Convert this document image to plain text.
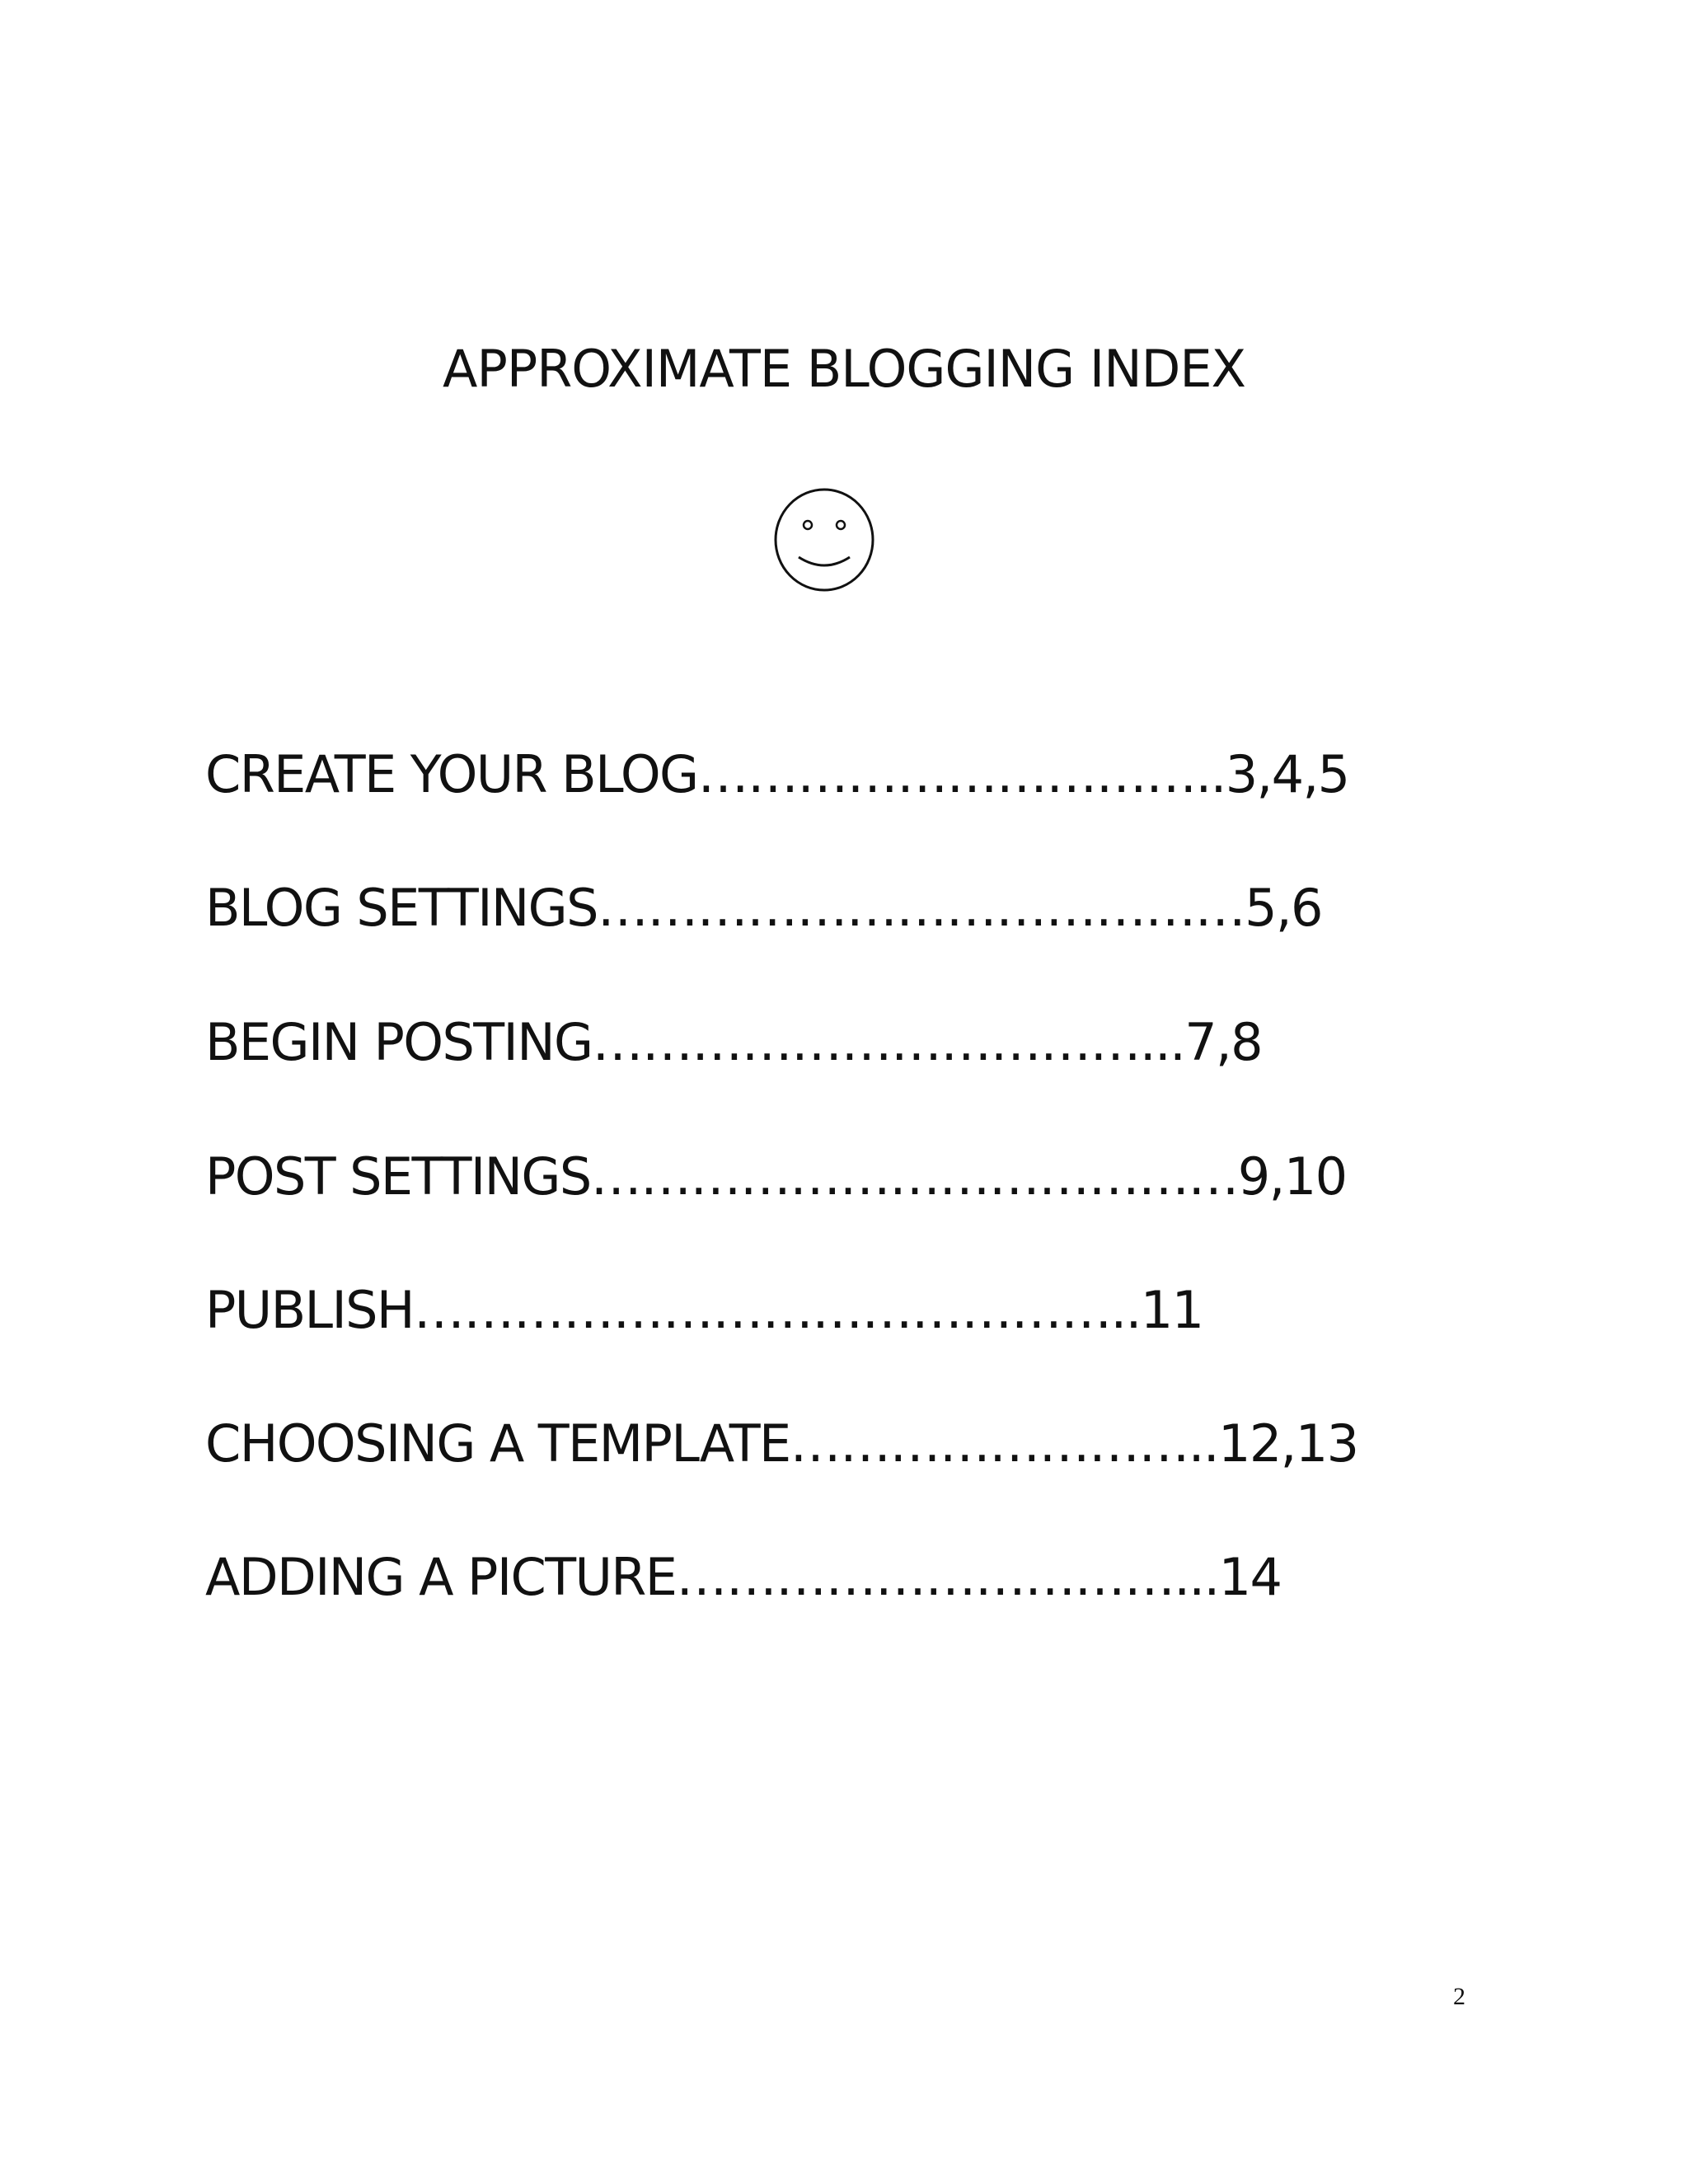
APPROXIMATE BLOGGING INDEX
CREATE YOUR BLOG…………………………..3,4,5
BLOG SETTINGS…………………………………5,6
BEGIN POSTING……………………………...7,8
POST SETTINGS…………………………………9,10
PUBLISH……………………………………..11
CHOOSING A TEMPLATE……………………..12,13
ADDING A PICTURE…………………………...14
2
